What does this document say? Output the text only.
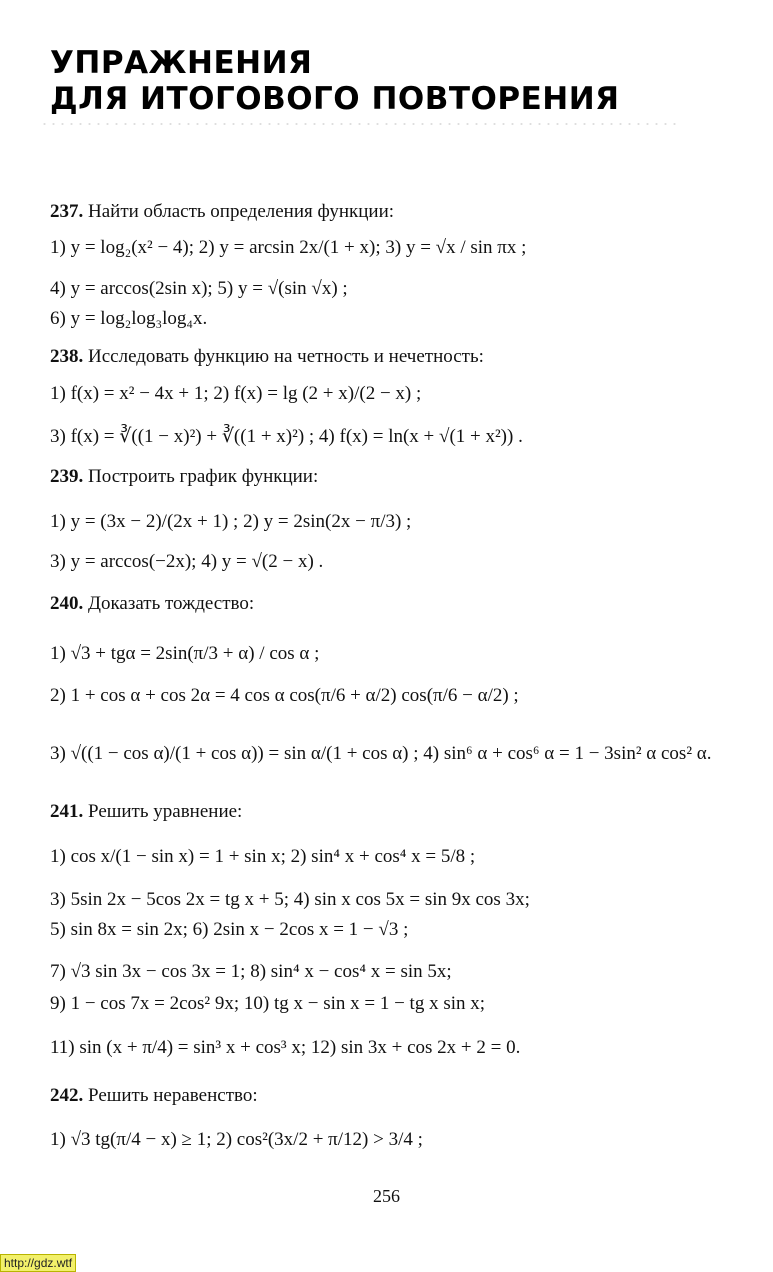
УПРАЖНЕНИЯ
ДЛЯ ИТОГОВОГО ПОВТОРЕНИЯ
237. Найти область определения функции:
1) y = log₂(x² − 4); 2) y = arcsin 2x/(1 + x); 3) y = √x / sin πx ;
4) y = arccos(2sin x); 5) y = √(sin √x) ;
6) y = log₂log₃log₄x.
238. Исследовать функцию на четность и нечетность:
1) f(x) = x² − 4x + 1; 2) f(x) = lg (2 + x)/(2 − x) ;
3) f(x) = ∛((1 − x)²) + ∛((1 + x)²) ; 4) f(x) = ln(x + √(1 + x²)) .
239. Построить график функции:
1) y = (3x − 2)/(2x + 1) ; 2) y = 2sin(2x − π/3) ;
3) y = arccos(−2x); 4) y = √(2 − x) .
240. Доказать тождество:
1) √3 + tgα = 2sin(π/3 + α) / cos α ;
2) 1 + cos α + cos 2α = 4 cos α cos(π/6 + α/2) cos(π/6 − α/2) ;
3) √((1 − cos α)/(1 + cos α)) = sin α/(1 + cos α) ; 4) sin⁶ α + cos⁶ α = 1 − 3sin² α cos² α.
241. Решить уравнение:
1) cos x/(1 − sin x) = 1 + sin x; 2) sin⁴ x + cos⁴ x = 5/8 ;
3) 5sin 2x − 5cos 2x = tg x + 5; 4) sin x cos 5x = sin 9x cos 3x;
5) sin 8x = sin 2x; 6) 2sin x − 2cos x = 1 − √3 ;
7) √3 sin 3x − cos 3x = 1; 8) sin⁴ x − cos⁴ x = sin 5x;
9) 1 − cos 7x = 2cos² 9x; 10) tg x − sin x = 1 − tg x sin x;
11) sin (x + π/4) = sin³ x + cos³ x; 12) sin 3x + cos 2x + 2 = 0.
242. Решить неравенство:
1) √3 tg(π/4 − x) ≥ 1; 2) cos²(3x/2 + π/12) > 3/4 ;
256
http://gdz.wtf
